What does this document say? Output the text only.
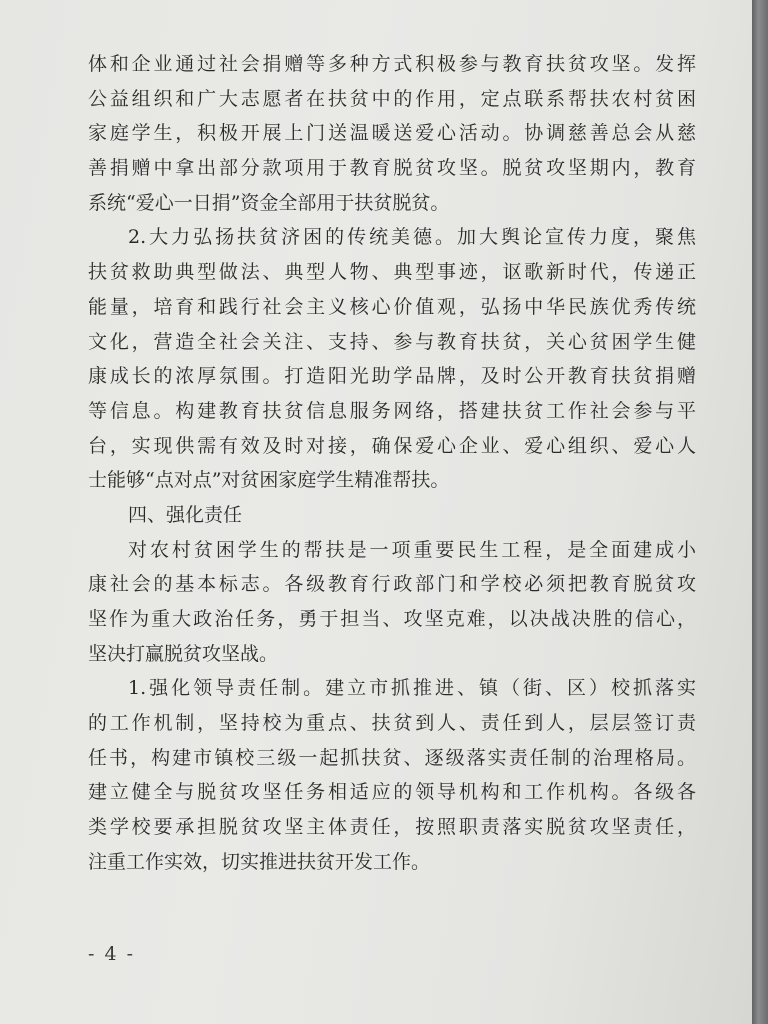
体和企业通过社会捐赠等多种方式积极参与教育扶贫攻坚。发挥
公益组织和广大志愿者在扶贫中的作用，定点联系帮扶农村贫困
家庭学生，积极开展上门送温暖送爱心活动。协调慈善总会从慈
善捐赠中拿出部分款项用于教育脱贫攻坚。脱贫攻坚期内，教育
系统“爱心一日捐”资金全部用于扶贫脱贫。
2.大力弘扬扶贫济困的传统美德。加大舆论宣传力度，聚焦
扶贫救助典型做法、典型人物、典型事迹，讴歌新时代，传递正
能量，培育和践行社会主义核心价值观，弘扬中华民族优秀传统
文化，营造全社会关注、支持、参与教育扶贫，关心贫困学生健
康成长的浓厚氛围。打造阳光助学品牌，及时公开教育扶贫捐赠
等信息。构建教育扶贫信息服务网络，搭建扶贫工作社会参与平
台，实现供需有效及时对接，确保爱心企业、爱心组织、爱心人
士能够“点对点”对贫困家庭学生精准帮扶。
四、强化责任
对农村贫困学生的帮扶是一项重要民生工程，是全面建成小
康社会的基本标志。各级教育行政部门和学校必须把教育脱贫攻
坚作为重大政治任务，勇于担当、攻坚克难，以决战决胜的信心，
坚决打赢脱贫攻坚战。
1.强化领导责任制。建立市抓推进、镇（街、区）校抓落实
的工作机制，坚持校为重点、扶贫到人、责任到人，层层签订责
任书，构建市镇校三级一起抓扶贫、逐级落实责任制的治理格局。
建立健全与脱贫攻坚任务相适应的领导机构和工作机构。各级各
类学校要承担脱贫攻坚主体责任，按照职责落实脱贫攻坚责任，
注重工作实效，切实推进扶贫开发工作。
- 4 -
